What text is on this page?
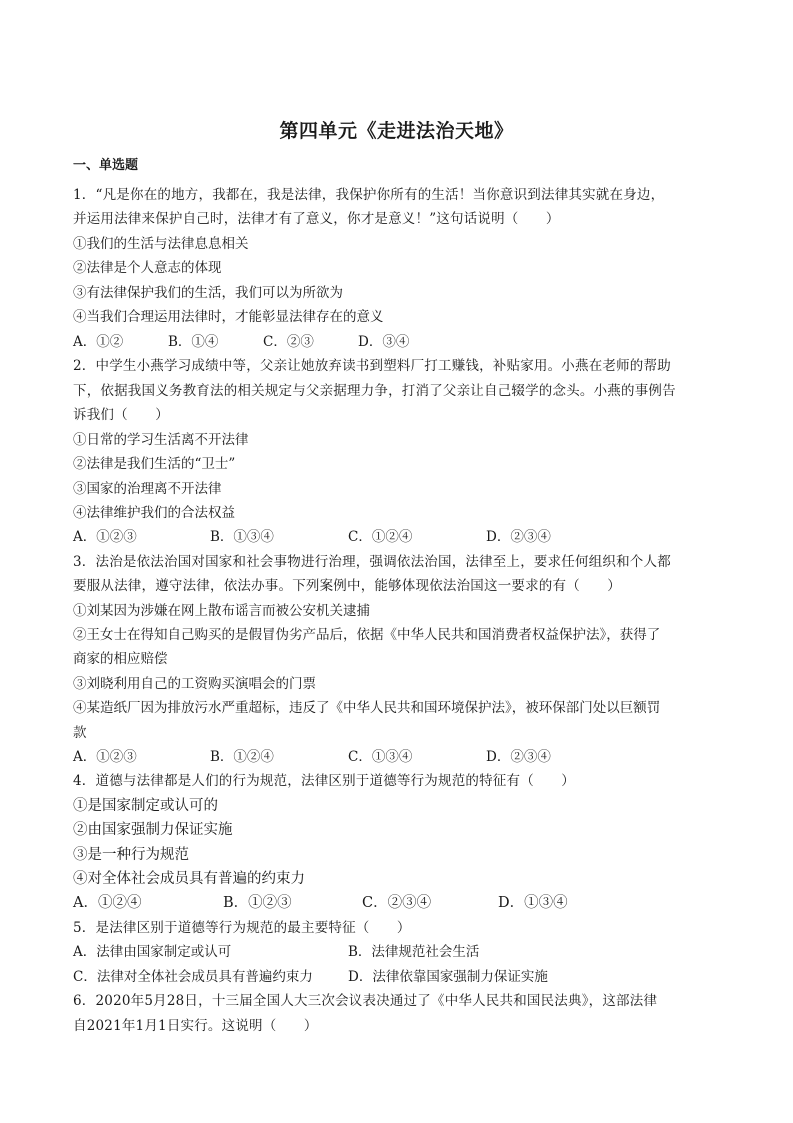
第四单元《走进法治天地》
一、单选题
1．“凡是你在的地方，我都在，我是法律，我保护你所有的生活！当你意识到法律其实就在身边，
并运用法律来保护自己时，法律才有了意义，你才是意义！”这句话说明（　　）
①我们的生活与法律息息相关
②法律是个人意志的体现
③有法律保护我们的生活，我们可以为所欲为
④当我们合理运用法律时，才能彰显法律存在的意义
A．①②	B．①④	C．②③	D．③④
2．中学生小燕学习成绩中等，父亲让她放弃读书到塑料厂打工赚钱，补贴家用。小燕在老师的帮助
下，依据我国义务教育法的相关规定与父亲据理力争，打消了父亲让自己辍学的念头。小燕的事例告
诉我们（　　）
①日常的学习生活离不开法律
②法律是我们生活的“卫士”
③国家的治理离不开法律
④法律维护我们的合法权益
A．①②③	B．①③④	C．①②④	D．②③④
3．法治是依法治国对国家和社会事物进行治理，强调依法治国，法律至上，要求任何组织和个人都
要服从法律，遵守法律，依法办事。下列案例中，能够体现依法治国这一要求的有（　　）
①刘某因为涉嫌在网上散布谣言而被公安机关逮捕
②王女士在得知自己购买的是假冒伪劣产品后，依据《中华人民共和国消费者权益保护法》，获得了
商家的相应赔偿
③刘晓利用自己的工资购买演唱会的门票
④某造纸厂因为排放污水严重超标，违反了《中华人民共和国环境保护法》，被环保部门处以巨额罚
款
A．①②③	B．①②④	C．①③④	D．②③④
4．道德与法律都是人们的行为规范，法律区别于道德等行为规范的特征有（　　）
①是国家制定或认可的
②由国家强制力保证实施
③是一种行为规范
④对全体社会成员具有普遍的约束力
A．①②④	B．①②③	C．②③④	D．①③④
5．是法律区别于道德等行为规范的最主要特征（　　）
A．法律由国家制定或认可	B．法律规范社会生活
C．法律对全体社会成员具有普遍约束力	D．法律依靠国家强制力保证实施
6．2020年5月28日，十三届全国人大三次会议表决通过了《中华人民共和国民法典》，这部法律
自2021年1月1日实行。这说明（　　）
